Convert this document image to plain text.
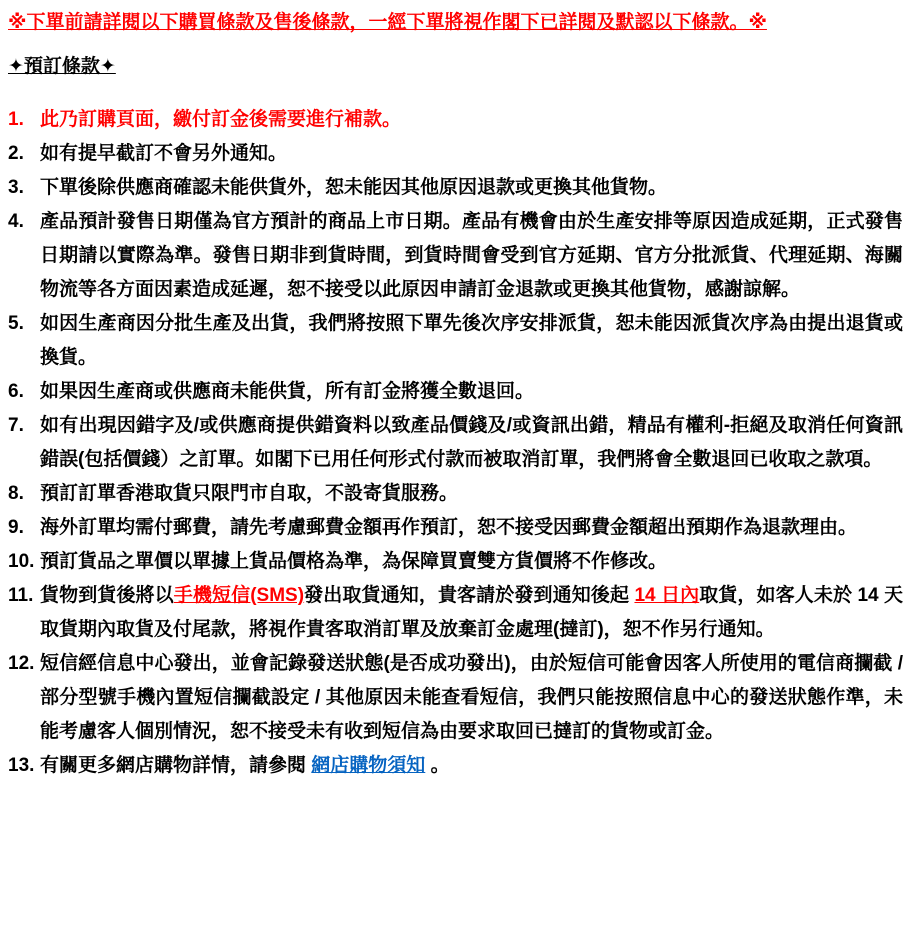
※下單前請詳閱以下購買條款及售後條款，一經下單將視作閣下已詳閱及默認以下條款。※
✦預訂條款✦
1. 此乃訂購頁面，繳付訂金後需要進行補款。
2. 如有提早截訂不會另外通知。
3. 下單後除供應商確認未能供貨外，恕未能因其他原因退款或更換其他貨物。
4. 產品預計發售日期僅為官方預計的商品上市日期。產品有機會由於生產安排等原因造成延期，正式發售日期請以實際為準。發售日期非到貨時間，到貨時間會受到官方延期、官方分批派貨、代理延期、海關物流等各方面因素造成延遲，恕不接受以此原因申請訂金退款或更換其他貨物，感謝諒解。
5. 如因生產商因分批生產及出貨，我們將按照下單先後次序安排派貨，恕未能因派貨次序為由提出退貨或換貨。
6. 如果因生產商或供應商未能供貨，所有訂金將獲全數退回。
7. 如有出現因錯字及/或供應商提供錯資料以致產品價錢及/或資訊出錯，精品有權利-拒絕及取消任何資訊錯誤(包括價錢）之訂單。如閣下已用任何形式付款而被取消訂單，我們將會全數退回已收取之款項。
8. 預訂訂單香港取貨只限門市自取，不設寄貨服務。
9. 海外訂單均需付郵費，請先考慮郵費金額再作預訂，恕不接受因郵費金額超出預期作為退款理由。
10. 預訂貨品之單價以單據上貨品價格為準，為保障買賣雙方貨價將不作修改。
11. 貨物到貨後將以手機短信(SMS)發出取貨通知，貴客請於發到通知後起 14 日內取貨，如客人未於 14 天取貨期內取貨及付尾款，將視作貴客取消訂單及放棄訂金處理(撻訂)，恕不作另行通知。
12. 短信經信息中心發出，並會記錄發送狀態(是否成功發出)，由於短信可能會因客人所使用的電信商攔截 / 部分型號手機內置短信攔截設定 / 其他原因未能查看短信，我們只能按照信息中心的發送狀態作準，未能考慮客人個別情況，恕不接受未有收到短信為由要求取回已撻訂的貨物或訂金。
13. 有關更多網店購物詳情，請參閱 網店購物須知 。
